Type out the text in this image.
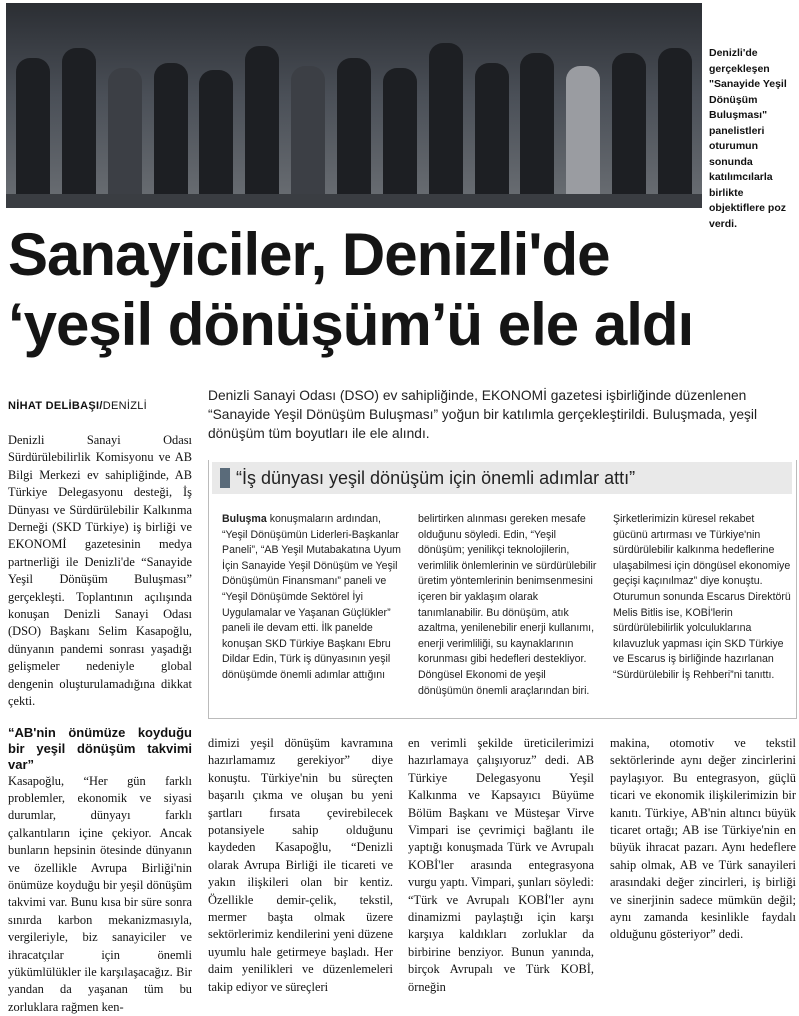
Denizli'de gerçekleşen "Sanayide Yeşil Dönüşüm Buluşması" panelistleri oturumun sonunda katılımcılarla birlikte objektiflere poz verdi.
Sanayiciler, Denizli'de
‘yeşil dönüşüm’ü ele aldı
NİHAT DELİBAŞI/DENİZLİ
Denizli Sanayi Odası (DSO) ev sahipliğinde, EKONOMİ gazetesi işbirliğinde düzenlenen “Sanayide Yeşil Dönüşüm Buluşması” yoğun bir katılımla gerçekleştirildi. Buluşmada, yeşil dönüşüm tüm boyutları ile ele alındı.

Denizli Sanayi Odası Sürdürülebilirlik Komisyonu ve AB Bilgi Merkezi ev sahipliğinde, AB Türkiye Delegasyonu desteği, İş Dünyası ve Sürdürülebilir Kalkınma Derneği (SKD Türkiye) iş birliği ve EKONOMİ gazetesinin medya partnerliği ile Denizli'de “Sanayide Yeşil Dönüşüm Buluşması” gerçekleşti. Toplantının açılışında konuşan Denizli Sanayi Odası (DSO) Başkanı Selim Kasapoğlu, dünyanın pandemi sonrası yaşadığı gelişmeler nedeniyle global dengenin oluşturulamadığına dikkat çekti.

“AB'nin önümüze koyduğu bir yeşil dönüşüm takvimi var”

Kasapoğlu, “Her gün farklı problemler, ekonomik ve siyasi durumlar, dünyayı farklı çalkantıların içine çekiyor. Ancak bunların hepsinin ötesinde dünyanın ve özellikle Avrupa Birliği'nin önümüze koyduğu bir yeşil dönüşüm takvimi var. Bunu kısa bir süre sonra sınırda karbon mekanizmasıyla, vergileriyle, biz sanayiciler ve ihracatçılar için önemli yükümlülükler ile karşılaşacağız. Bir yandan da yaşanan tüm bu zorluklara rağmen ken-

“İş dünyası yeşil dönüşüm için önemli adımlar attı”

Buluşma konuşmaların ardından, “Yeşil Dönüşümün Liderleri-Başkanlar Paneli”, “AB Yeşil Mutabakatına Uyum İçin Sanayide Yeşil Dönüşüm ve Yeşil Dönüşümün Finansmanı” paneli ve “Yeşil Dönüşümde Sektörel İyi Uygulamalar ve Yaşanan Güçlükler” paneli ile devam etti. İlk panelde konuşan SKD Türkiye Başkanı Ebru Dildar Edin, Türk iş dünyasının yeşil dönüşümde önemli adımlar attığını

belirtirken alınması gereken mesafe olduğunu söyledi. Edin, “Yeşil dönüşüm; yenilikçi teknolojilerin, verimlilik önlemlerinin ve sürdürülebilir üretim yöntemlerinin benimsenmesini içeren bir yaklaşım olarak tanımlanabilir. Bu dönüşüm, atık azaltma, yenilenebilir enerji kullanımı, enerji verimliliği, su kaynaklarının korunması gibi hedefleri destekliyor. Döngüsel Ekonomi de yeşil dönüşümün önemli araçlarından biri.

Şirketlerimizin küresel rekabet gücünü artırması ve Türkiye'nin sürdürülebilir kalkınma hedeflerine ulaşabilmesi için döngüsel ekonomiye geçişi kaçınılmaz” diye konuştu. Oturumun sonunda Escarus Direktörü Melis Bitlis ise, KOBİ'lerin sürdürülebilirlik yolculuklarına kılavuzluk yapması için SKD Türkiye ve Escarus iş birliğinde hazırlanan “Sürdürülebilir İş Rehberi”ni tanıttı.

dimizi yeşil dönüşüm kavramına hazırlamamız gerekiyor” diye konuştu. Türkiye'nin bu süreçten başarılı çıkma ve oluşan bu yeni şartları fırsata çevirebilecek potansiyele sahip olduğunu kaydeden Kasapoğlu, “Denizli olarak Avrupa Birliği ile ticareti ve yakın ilişkileri olan bir kentiz. Özellikle demir-çelik, tekstil, mermer başta olmak üzere sektörlerimiz kendilerini yeni düzene uyumlu hale getirmeye başladı. Her daim yenilikleri ve düzenlemeleri takip ediyor ve süreçleri

en verimli şekilde üreticilerimizi hazırlamaya çalışıyoruz” dedi. AB Türkiye Delegasyonu Yeşil Kalkınma ve Kapsayıcı Büyüme Bölüm Başkanı ve Müsteşar Virve Vimpari ise çevrimiçi bağlantı ile yaptığı konuşmada Türk ve Avrupalı KOBİ'ler arasında entegrasyona vurgu yaptı. Vimpari, şunları söyledi: “Türk ve Avrupalı KOBİ'ler aynı dinamizmi paylaştığı için karşı karşıya kaldıkları zorluklar da birbirine benziyor. Bunun yanında, birçok Avrupalı ve Türk KOBİ, örneğin

makina, otomotiv ve tekstil sektörlerinde aynı değer zincirlerini paylaşıyor. Bu entegrasyon, güçlü ticari ve ekonomik ilişkilerimizin bir kanıtı. Türkiye, AB'nin altıncı büyük ticaret ortağı; AB ise Türkiye'nin en büyük ihracat pazarı. Aynı hedeflere sahip olmak, AB ve Türk sanayileri arasındaki değer zincirleri, iş birliği ve sinerjinin sadece mümkün değil; aynı zamanda kesinlikle faydalı olduğunu gösteriyor” dedi.
